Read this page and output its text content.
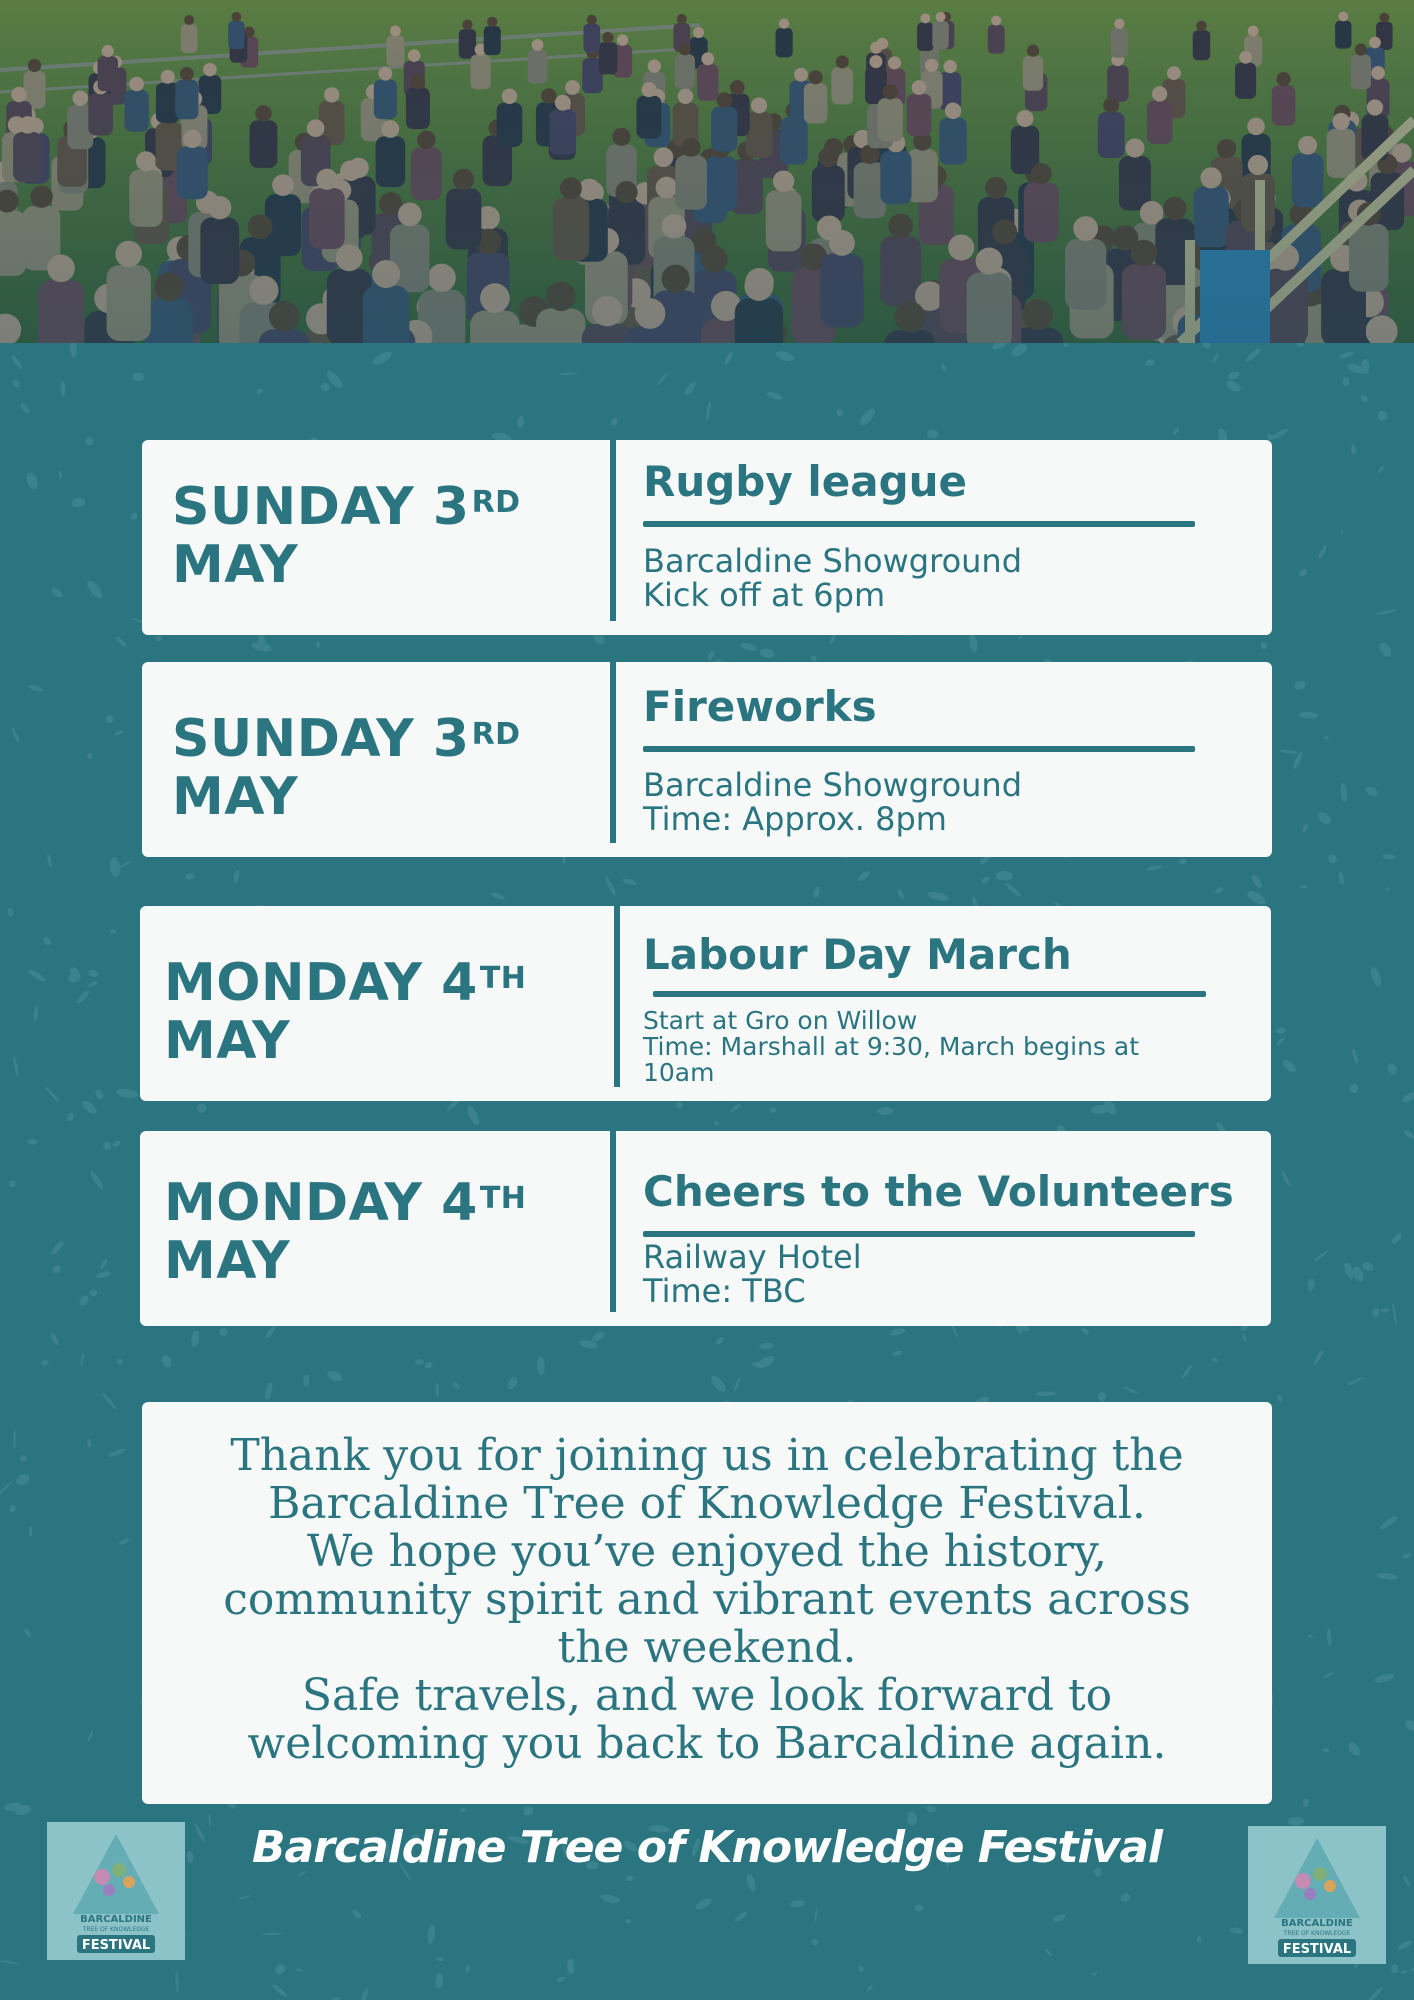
SUNDAY 3RD
MAY
Rugby league
Barcaldine Showground
Kick off at 6pm
SUNDAY 3RD
MAY
Fireworks
Barcaldine Showground
Time: Approx. 8pm
MONDAY 4TH
MAY
Labour Day March
Start at Gro on Willow
Time: Marshall at 9:30, March begins at
10am
MONDAY 4TH
MAY
Cheers to the Volunteers
Railway Hotel
Time: TBC
Thank you for joining us in celebrating the
Barcaldine Tree of Knowledge Festival.
We hope you’ve enjoyed the history,
community spirit and vibrant events across
the weekend.
Safe travels, and we look forward to
welcoming you back to Barcaldine again.
Barcaldine Tree of Knowledge Festival
BARCALDINE
TREE OF KNOWLEDGE
FESTIVAL
BARCALDINE
TREE OF KNOWLEDGE
FESTIVAL
